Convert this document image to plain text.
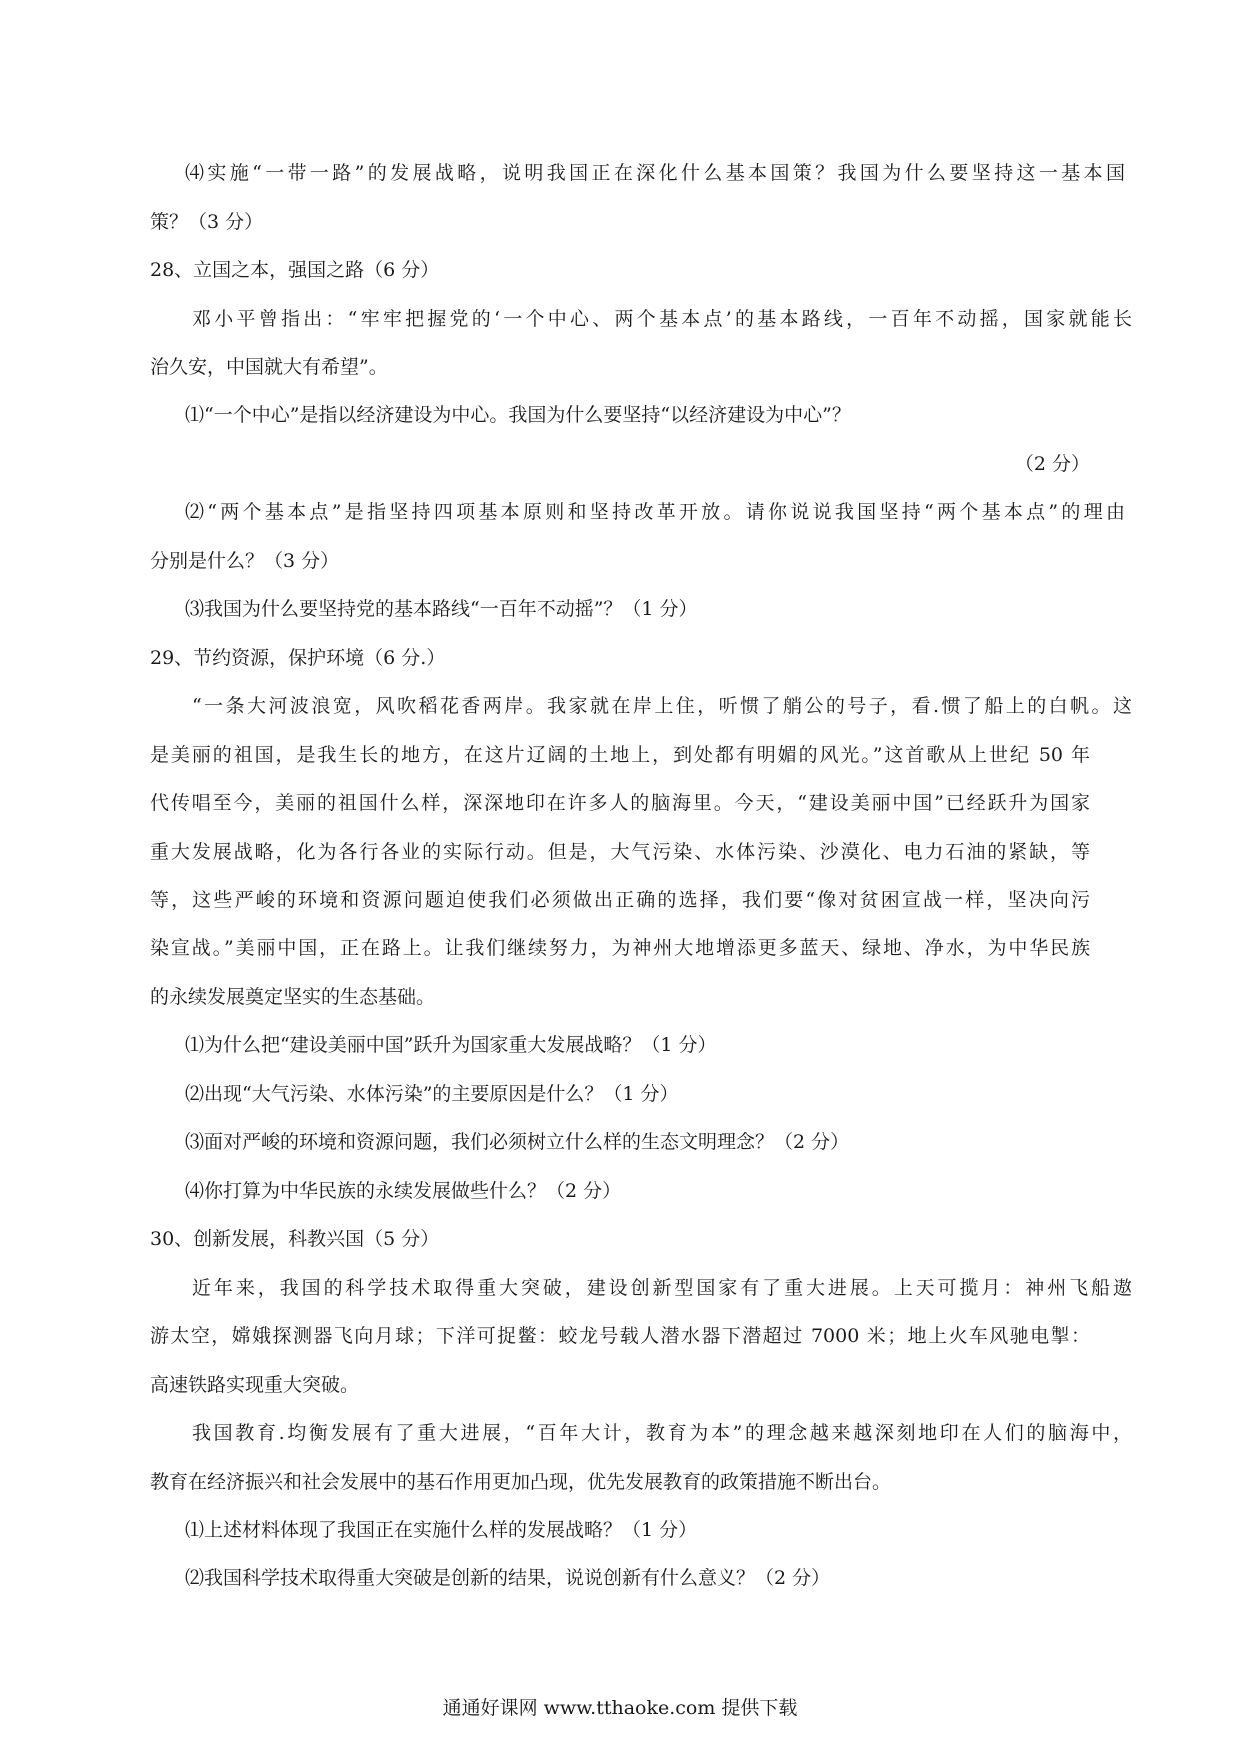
⑷实施“一带一路”的发展战略，说明我国正在深化什么基本国策？我国为什么要坚持这一基本国
策？（3 分）
28、立国之本，强国之路（6 分）
邓小平曾指出：“牢牢把握党的‘一个中心、两个基本点’的基本路线，一百年不动摇，国家就能长
治久安，中国就大有希望”。
⑴“一个中心”是指以经济建设为中心。我国为什么要坚持“以经济建设为中心”？
（2 分）
⑵“两个基本点”是指坚持四项基本原则和坚持改革开放。请你说说我国坚持“两个基本点”的理由
分别是什么？（3 分）
⑶我国为什么要坚持党的基本路线“一百年不动摇”？（1 分）
29、节约资源，保护环境（6 分.）
“一条大河波浪宽，风吹稻花香两岸。我家就在岸上住，听惯了艄公的号子，看.惯了船上的白帆。这
是美丽的祖国，是我生长的地方，在这片辽阔的土地上，到处都有明媚的风光。”这首歌从上世纪 50 年
代传唱至今，美丽的祖国什么样，深深地印在许多人的脑海里。今天，“建设美丽中国”已经跃升为国家
重大发展战略，化为各行各业的实际行动。但是，大气污染、水体污染、沙漠化、电力石油的紧缺，等
等，这些严峻的环境和资源问题迫使我们必须做出正确的选择，我们要“像对贫困宣战一样，坚决向污
染宣战。”美丽中国，正在路上。让我们继续努力，为神州大地增添更多蓝天、绿地、净水，为中华民族
的永续发展奠定坚实的生态基础。
⑴为什么把“建设美丽中国”跃升为国家重大发展战略？（1 分）
⑵出现“大气污染、水体污染”的主要原因是什么？（1 分）
⑶面对严峻的环境和资源问题，我们必须树立什么样的生态文明理念？（2 分）
⑷你打算为中华民族的永续发展做些什么？（2 分）
30、创新发展，科教兴国（5 分）
近年来，我国的科学技术取得重大突破，建设创新型国家有了重大进展。上天可揽月：神州飞船遨
游太空，嫦娥探测器飞向月球；下洋可捉鳖：蛟龙号载人潜水器下潜超过 7000 米；地上火车风驰电掣：
高速铁路实现重大突破。
我国教育.均衡发展有了重大进展，“百年大计，教育为本”的理念越来越深刻地印在人们的脑海中，
教育在经济振兴和社会发展中的基石作用更加凸现，优先发展教育的政策措施不断出台。
⑴上述材料体现了我国正在实施什么样的发展战略？（1 分）
⑵我国科学技术取得重大突破是创新的结果，说说创新有什么意义？（2 分）
通通好课网 www.tthaoke.com 提供下载
